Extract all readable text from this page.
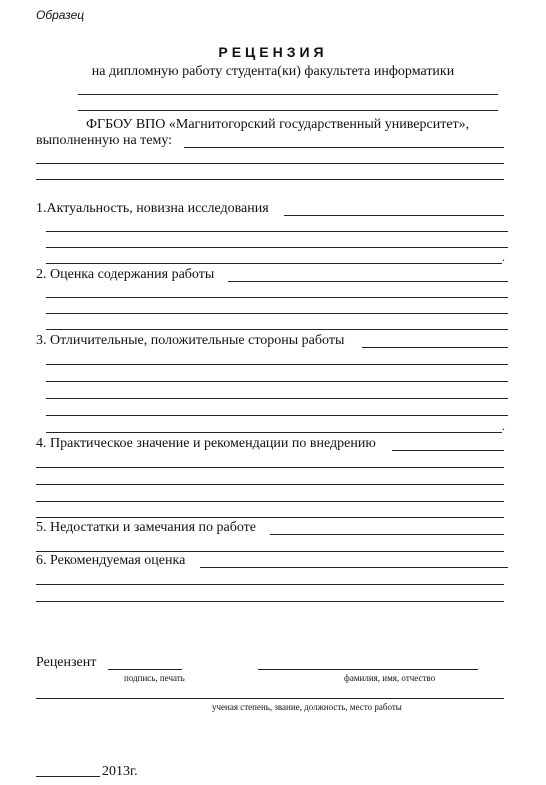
Образец
РЕЦЕНЗИЯ
на дипломную работу студента(ки) факультета информатики
ФГБОУ ВПО «Магнитогорский государственный университет»,
выполненную на тему:
1.Актуальность, новизна исследования
.
2. Оценка содержания работы
3. Отличительные, положительные стороны работы
.
4. Практическое значение и рекомендации по внедрению
5. Недостатки и замечания по работе
6. Рекомендуемая оценка
Рецензент
подпись, печать	фамилия, имя, отчество
ученая степень, звание, должность, место работы
2013г.
